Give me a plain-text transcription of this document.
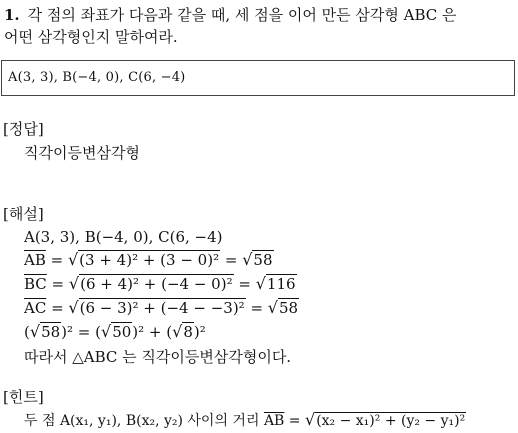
1. 각 점의 좌표가 다음과 같을 때, 세 점을 이어 만든 삼각형 ABC 은
어떤 삼각형인지 말하여라.
A(3, 3), B(−4, 0), C(6, −4)
[정답]
직각이등변삼각형
[해설]
A(3, 3), B(−4, 0), C(6, −4)
$\overline{AB} = √(3 + 4)^2 + (3 - 0)^2 = √58$
$\overline{BC} = √(6 + 4)^2 + (-4 - 0)^2 = √116$
$\overline{AC} = √(6 - 3)^2 + (-4 - -3)^2 = √58$
(√58)² = (√50)² + (√8)²
따라서 △ABC 는 직각이등변삼각형이다.
[힌트]
두 점 A(x₁, y₁), B(x₂, y₂) 사이의 거리 $\overline{AB} = √(x_2 - x_1)^2 + (y_2 - y_1)^2$
